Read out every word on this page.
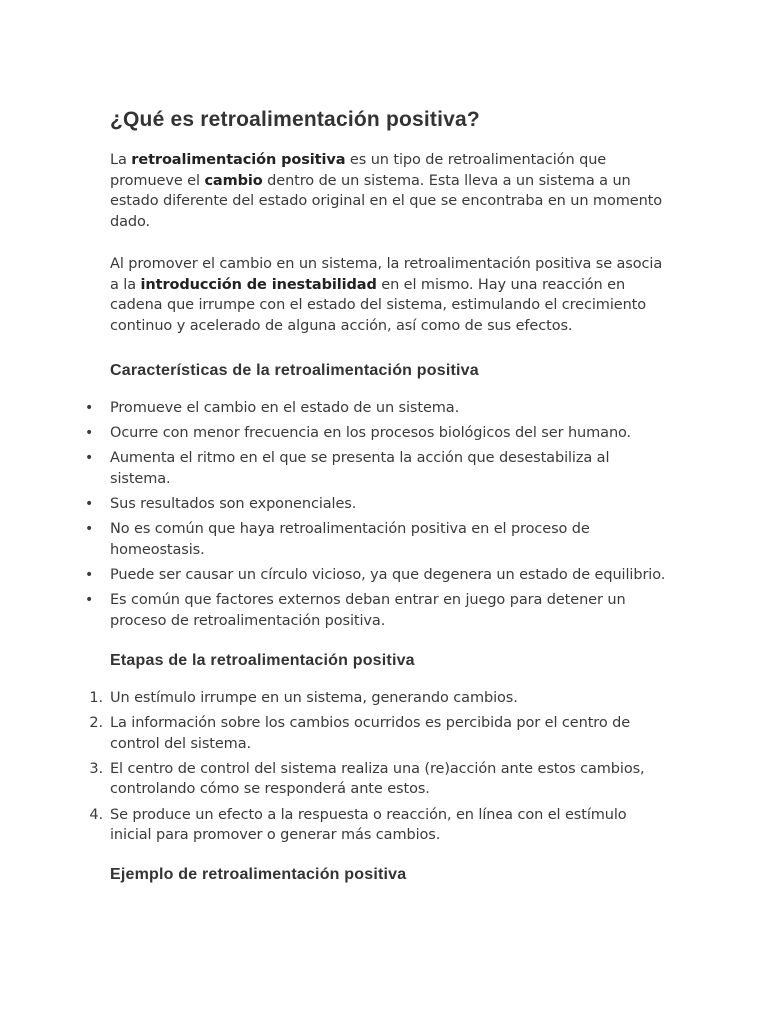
¿Qué es retroalimentación positiva?

La retroalimentación positiva es un tipo de retroalimentación que promueve el cambio dentro de un sistema. Esta lleva a un sistema a un estado diferente del estado original en el que se encontraba en un momento dado.

Al promover el cambio en un sistema, la retroalimentación positiva se asocia a la introducción de inestabilidad en el mismo. Hay una reacción en cadena que irrumpe con el estado del sistema, estimulando el crecimiento continuo y acelerado de alguna acción, así como de sus efectos.

Características de la retroalimentación positiva
• Promueve el cambio en el estado de un sistema.
• Ocurre con menor frecuencia en los procesos biológicos del ser humano.
• Aumenta el ritmo en el que se presenta la acción que desestabiliza al sistema.
• Sus resultados son exponenciales.
• No es común que haya retroalimentación positiva en el proceso de homeostasis.
• Puede ser causar un círculo vicioso, ya que degenera un estado de equilibrio.
• Es común que factores externos deban entrar en juego para detener un proceso de retroalimentación positiva.
Etapas de la retroalimentación positiva
1. Un estímulo irrumpe en un sistema, generando cambios.
2. La información sobre los cambios ocurridos es percibida por el centro de control del sistema.
3. El centro de control del sistema realiza una (re)acción ante estos cambios, controlando cómo se responderá ante estos.
4. Se produce un efecto a la respuesta o reacción, en línea con el estímulo inicial para promover o generar más cambios.
Ejemplo de retroalimentación positiva
